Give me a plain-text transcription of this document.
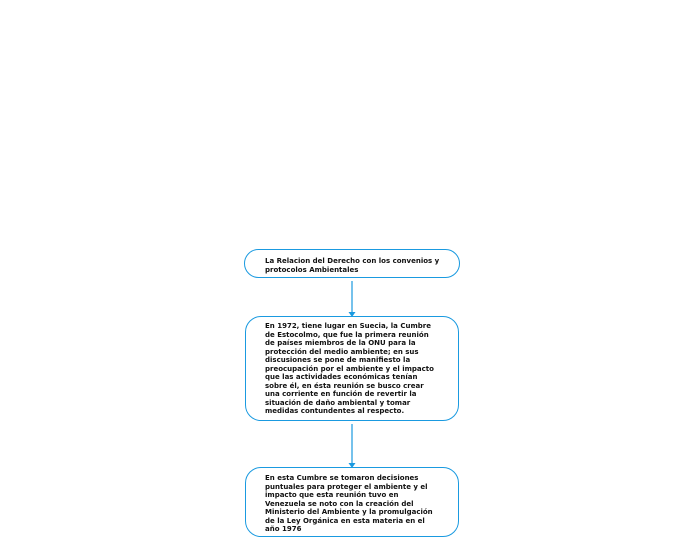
La Relacion del Derecho con los convenios y protocolos Ambientales
En 1972, tiene lugar en Suecia, la Cumbre de Estocolmo, que fue la primera reunión de países miembros de la ONU para la protección del medio ambiente; en sus discusiones se pone de manifiesto la preocupación por el ambiente y el impacto que las actividades económicas tenían sobre él, en ésta reunión se busco crear una corriente en función de revertir la situación de daño ambiental y tomar medidas contundentes al respecto.
En esta Cumbre se tomaron decisiones puntuales para proteger el ambiente y el impacto que esta reunión tuvo en Venezuela se noto con la creación del Ministerio del Ambiente y la promulgación de la Ley Orgánica en esta materia en el año 1976
